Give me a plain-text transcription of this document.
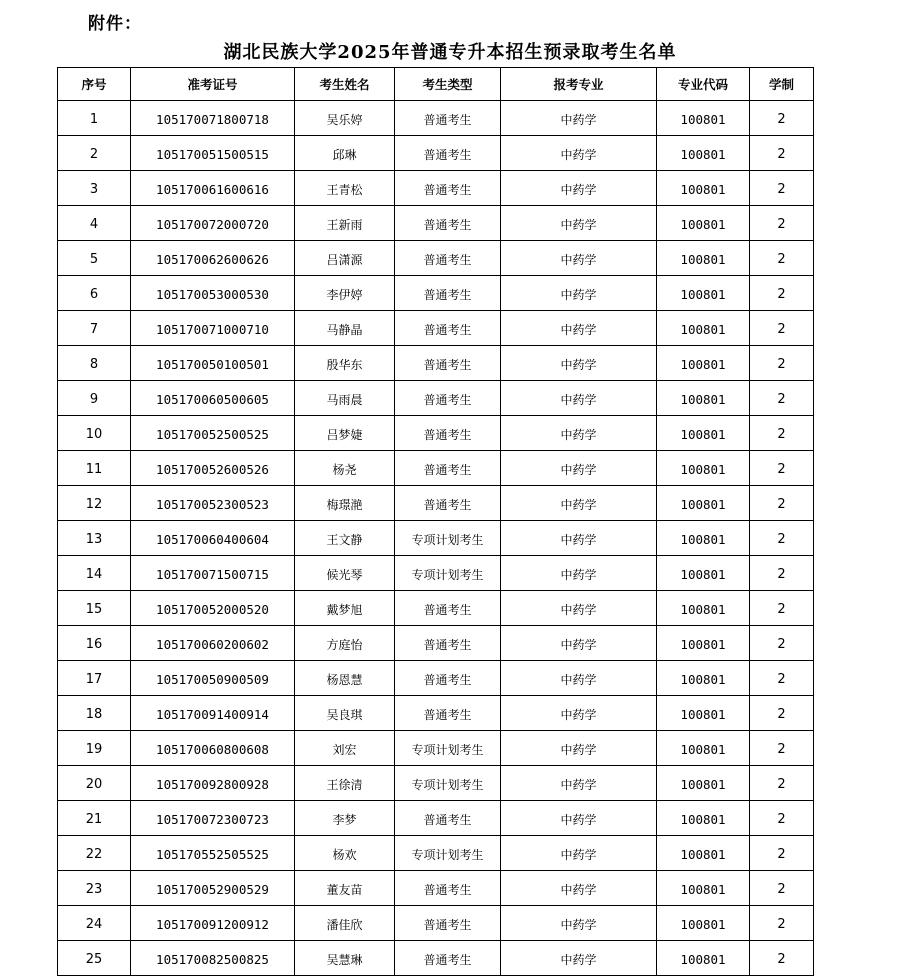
附件：
湖北民族大学2025年普通专升本招生预录取考生名单
序号	准考证号	考生姓名	考生类型	报考专业	专业代码	学制
1	105170071800718	吴乐婷	普通考生	中药学	100801	2
2	105170051500515	邱琳	普通考生	中药学	100801	2
3	105170061600616	王青松	普通考生	中药学	100801	2
4	105170072000720	王新雨	普通考生	中药学	100801	2
5	105170062600626	吕潇源	普通考生	中药学	100801	2
6	105170053000530	李伊婷	普通考生	中药学	100801	2
7	105170071000710	马静晶	普通考生	中药学	100801	2
8	105170050100501	殷华东	普通考生	中药学	100801	2
9	105170060500605	马雨晨	普通考生	中药学	100801	2
10	105170052500525	吕梦婕	普通考生	中药学	100801	2
11	105170052600526	杨尧	普通考生	中药学	100801	2
12	105170052300523	梅璟滟	普通考生	中药学	100801	2
13	105170060400604	王文静	专项计划考生	中药学	100801	2
14	105170071500715	候光琴	专项计划考生	中药学	100801	2
15	105170052000520	戴梦旭	普通考生	中药学	100801	2
16	105170060200602	方庭怡	普通考生	中药学	100801	2
17	105170050900509	杨恩慧	普通考生	中药学	100801	2
18	105170091400914	吴良琪	普通考生	中药学	100801	2
19	105170060800608	刘宏	专项计划考生	中药学	100801	2
20	105170092800928	王徐清	专项计划考生	中药学	100801	2
21	105170072300723	李梦	普通考生	中药学	100801	2
22	105170552505525	杨欢	专项计划考生	中药学	100801	2
23	105170052900529	董友苗	普通考生	中药学	100801	2
24	105170091200912	潘佳欣	普通考生	中药学	100801	2
25	105170082500825	吴慧琳	普通考生	中药学	100801	2
